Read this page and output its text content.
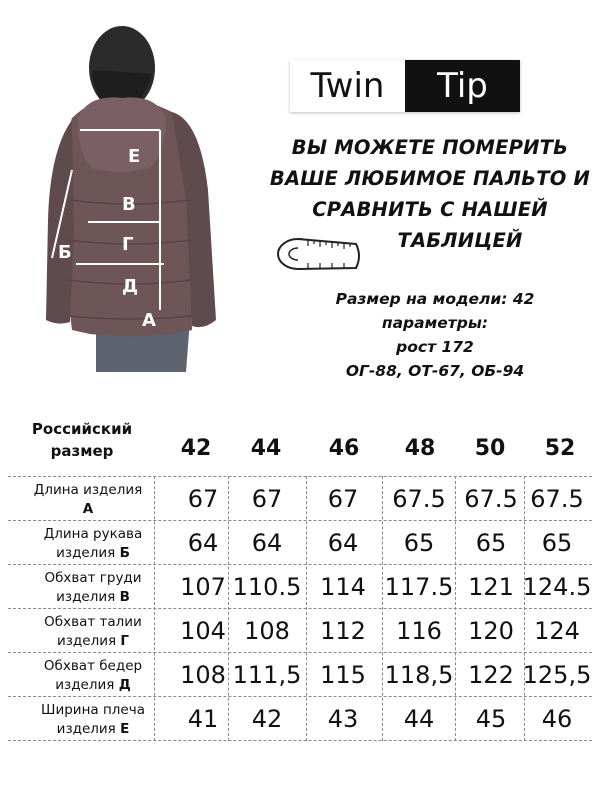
Е
В
Г
Д
А
Б
Twin	Tip
ВЫ МОЖЕТЕ ПОМЕРИТЬ
ВАШЕ ЛЮБИМОЕ ПАЛЬТО И
СРАВНИТЬ С НАШЕЙ
ТАБЛИЦЕЙ
Размер на модели: 42
параметры:
рост 172
ОГ-88, ОТ-67, ОБ-94
Российский
размер	42	44	46	48	50	52
Длина изделия
А	67	67	67	67.5 67.5 67.5
Длина рукава
изделия Б	64	64	64	65	65	65
Обхват груди
изделия В	107 110.5 114 117.5 121 124.5
Обхват талии
изделия Г	104 108	112	116	120 124
Обхват бедер
изделия Д	108 111,5 115 118,5 122 125,5
Ширина плеча
изделия Е	41	42	43	44	45	46
